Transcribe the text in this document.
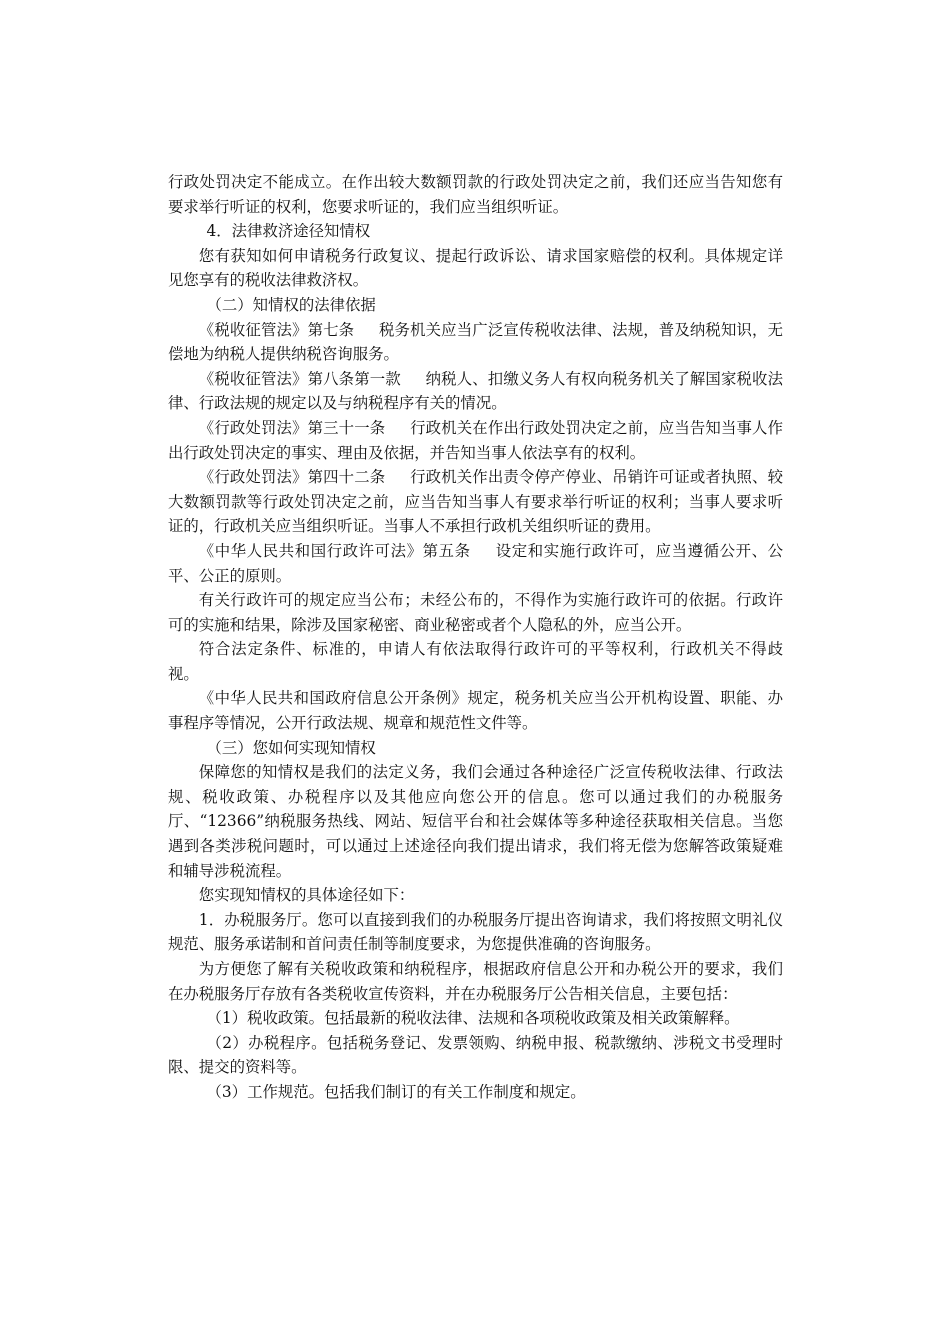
行政处罚决定不能成立。在作出较大数额罚款的行政处罚决定之前，我们还应当告知您有要求举行听证的权利，您要求听证的，我们应当组织听证。

4．法律救济途径知情权

您有获知如何申请税务行政复议、提起行政诉讼、请求国家赔偿的权利。具体规定详见您享有的税收法律救济权。

（二）知情权的法律依据

《税收征管法》第七条 税务机关应当广泛宣传税收法律、法规，普及纳税知识，无偿地为纳税人提供纳税咨询服务。

《税收征管法》第八条第一款 纳税人、扣缴义务人有权向税务机关了解国家税收法律、行政法规的规定以及与纳税程序有关的情况。

《行政处罚法》第三十一条 行政机关在作出行政处罚决定之前，应当告知当事人作出行政处罚决定的事实、理由及依据，并告知当事人依法享有的权利。

《行政处罚法》第四十二条 行政机关作出责令停产停业、吊销许可证或者执照、较大数额罚款等行政处罚决定之前，应当告知当事人有要求举行听证的权利；当事人要求听证的，行政机关应当组织听证。当事人不承担行政机关组织听证的费用。

《中华人民共和国行政许可法》第五条 设定和实施行政许可，应当遵循公开、公平、公正的原则。

有关行政许可的规定应当公布；未经公布的，不得作为实施行政许可的依据。行政许可的实施和结果，除涉及国家秘密、商业秘密或者个人隐私的外，应当公开。

符合法定条件、标准的，申请人有依法取得行政许可的平等权利，行政机关不得歧视。

《中华人民共和国政府信息公开条例》规定，税务机关应当公开机构设置、职能、办事程序等情况，公开行政法规、规章和规范性文件等。

（三）您如何实现知情权

保障您的知情权是我们的法定义务，我们会通过各种途径广泛宣传税收法律、行政法规、税收政策、办税程序以及其他应向您公开的信息。您可以通过我们的办税服务厅、“12366”纳税服务热线、网站、短信平台和社会媒体等多种途径获取相关信息。当您遇到各类涉税问题时，可以通过上述途径向我们提出请求，我们将无偿为您解答政策疑难和辅导涉税流程。

您实现知情权的具体途径如下：

1．办税服务厅。您可以直接到我们的办税服务厅提出咨询请求，我们将按照文明礼仪规范、服务承诺制和首问责任制等制度要求，为您提供准确的咨询服务。

为方便您了解有关税收政策和纳税程序，根据政府信息公开和办税公开的要求，我们在办税服务厅存放有各类税收宣传资料，并在办税服务厅公告相关信息，主要包括：

（1）税收政策。包括最新的税收法律、法规和各项税收政策及相关政策解释。

（2）办税程序。包括税务登记、发票领购、纳税申报、税款缴纳、涉税文书受理时限、提交的资料等。

（3）工作规范。包括我们制订的有关工作制度和规定。
